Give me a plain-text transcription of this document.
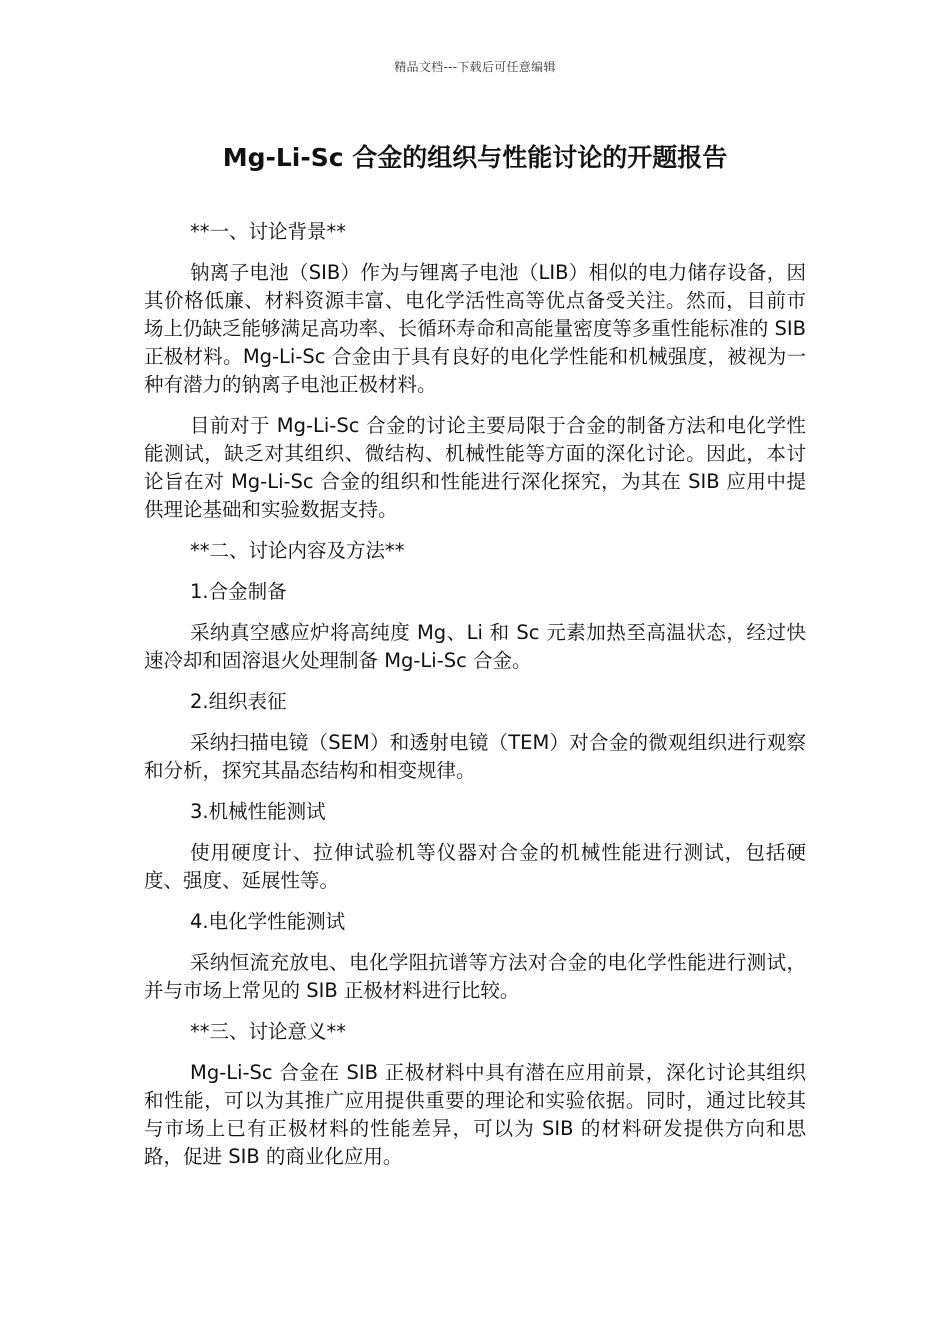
精品文档---下载后可任意编辑
Mg-Li-Sc 合金的组织与性能讨论的开题报告

**一、讨论背景**

钠离子电池（SIB）作为与锂离子电池（LIB）相似的电力储存设备，因其价格低廉、材料资源丰富、电化学活性高等优点备受关注。然而，目前市场上仍缺乏能够满足高功率、长循环寿命和高能量密度等多重性能标准的 SIB 正极材料。Mg-Li-Sc 合金由于具有良好的电化学性能和机械强度，被视为一种有潜力的钠离子电池正极材料。

目前对于 Mg-Li-Sc 合金的讨论主要局限于合金的制备方法和电化学性能测试，缺乏对其组织、微结构、机械性能等方面的深化讨论。因此，本讨论旨在对 Mg-Li-Sc 合金的组织和性能进行深化探究，为其在 SIB 应用中提供理论基础和实验数据支持。

**二、讨论内容及方法**

1.合金制备

采纳真空感应炉将高纯度 Mg、Li 和 Sc 元素加热至高温状态，经过快速冷却和固溶退火处理制备 Mg-Li-Sc 合金。

2.组织表征

采纳扫描电镜（SEM）和透射电镜（TEM）对合金的微观组织进行观察和分析，探究其晶态结构和相变规律。

3.机械性能测试

使用硬度计、拉伸试验机等仪器对合金的机械性能进行测试，包括硬度、强度、延展性等。

4.电化学性能测试

采纳恒流充放电、电化学阻抗谱等方法对合金的电化学性能进行测试，并与市场上常见的 SIB 正极材料进行比较。

**三、讨论意义**

Mg-Li-Sc 合金在 SIB 正极材料中具有潜在应用前景，深化讨论其组织和性能，可以为其推广应用提供重要的理论和实验依据。同时，通过比较其与市场上已有正极材料的性能差异，可以为 SIB 的材料研发提供方向和思路，促进 SIB 的商业化应用。
